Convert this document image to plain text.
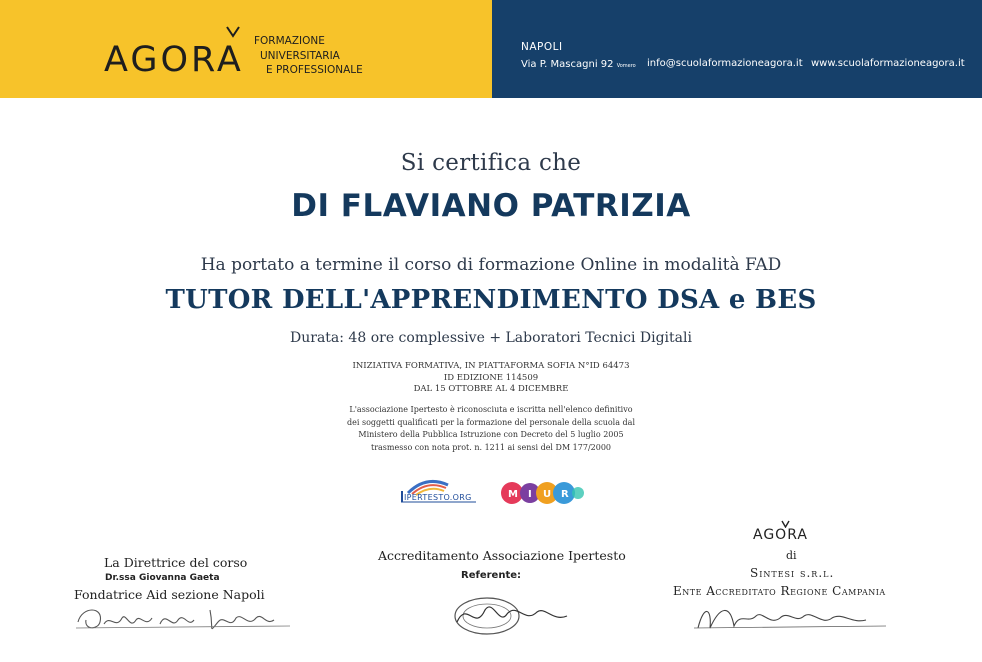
AGORA FORMAZIONE
UNIVERSITARIA
E PROFESSIONALE
NAPOLI
Via P. Mascagni 92 Vomero info@scuolaformazioneagora.it www.scuolaformazioneagora.it
Si certifica che
DI FLAVIANO PATRIZIA
Ha portato a termine il corso di formazione Online in modalità FAD
TUTOR DELL'APPRENDIMENTO DSA e BES
Durata: 48 ore complessive + Laboratori Tecnici Digitali
INIZIATIVA FORMATIVA, IN PIATTAFORMA SOFIA N°ID 64473
ID EDIZIONE 114509
DAL 15 OTTOBRE AL 4 DICEMBRE
L'associazione Ipertesto è riconosciuta e iscritta nell'elenco definitivo
dei soggetti qualificati per la formazione del personale della scuola dal
Ministero della Pubblica Istruzione con Decreto del 5 luglio 2005
trasmesso con nota prot. n. 1211 ai sensi del DM 177/2000
IPERTESTO.ORG	M I U R
La Direttrice del corso
Dr.ssa Giovanna Gaeta
Fondatrice Aid sezione Napoli
Accreditamento Associazione Ipertesto
Referente:
AGORA
di
Sintesi s.r.l.
Ente Accreditato Regione Campania
